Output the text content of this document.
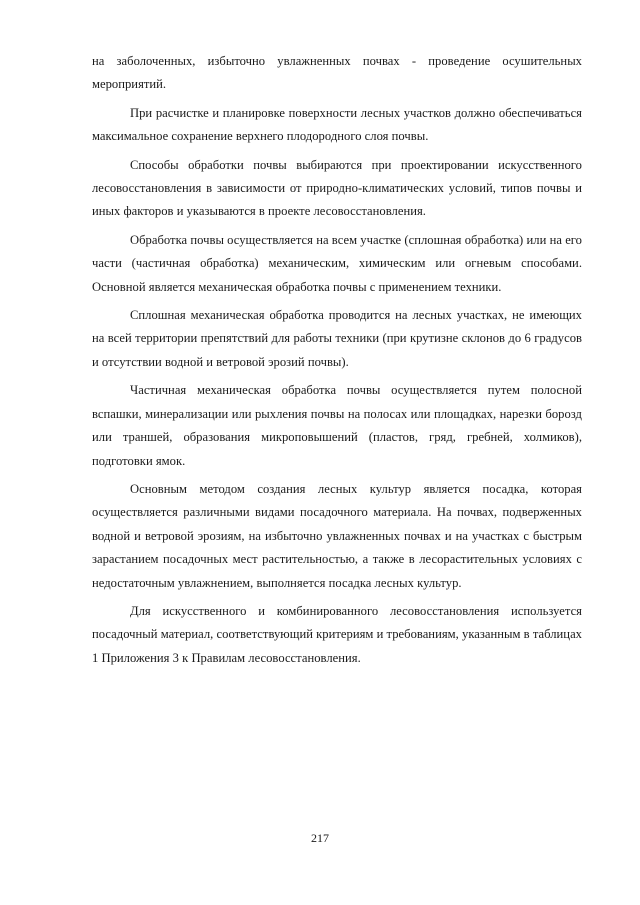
на заболоченных, избыточно увлажненных почвах - проведение осушительных мероприятий.

При расчистке и планировке поверхности лесных участков должно обеспечиваться максимальное сохранение верхнего плодородного слоя почвы.

Способы обработки почвы выбираются при проектировании искусственного лесовосстановления в зависимости от природно-климатических условий, типов почвы и иных факторов и указываются в проекте лесовосстановления.

Обработка почвы осуществляется на всем участке (сплошная обработка) или на его части (частичная обработка) механическим, химическим или огневым способами. Основной является механическая обработка почвы с применением техники.

Сплошная механическая обработка проводится на лесных участках, не имеющих на всей территории препятствий для работы техники (при крутизне склонов до 6 градусов и отсутствии водной и ветровой эрозий почвы).

Частичная механическая обработка почвы осуществляется путем полосной вспашки, минерализации или рыхления почвы на полосах или площадках, нарезки борозд или траншей, образования микроповышений (пластов, гряд, гребней, холмиков), подготовки ямок.

Основным методом создания лесных культур является посадка, которая осуществляется различными видами посадочного материала. На почвах, подверженных водной и ветровой эрозиям, на избыточно увлажненных почвах и на участках с быстрым зарастанием посадочных мест растительностью, а также в лесорастительных условиях с недостаточным увлажнением, выполняется посадка лесных культур.

Для искусственного и комбинированного лесовосстановления используется посадочный материал, соответствующий критериям и требованиям, указанным в таблицах 1 Приложения 3 к Правилам лесовосстановления.

217
